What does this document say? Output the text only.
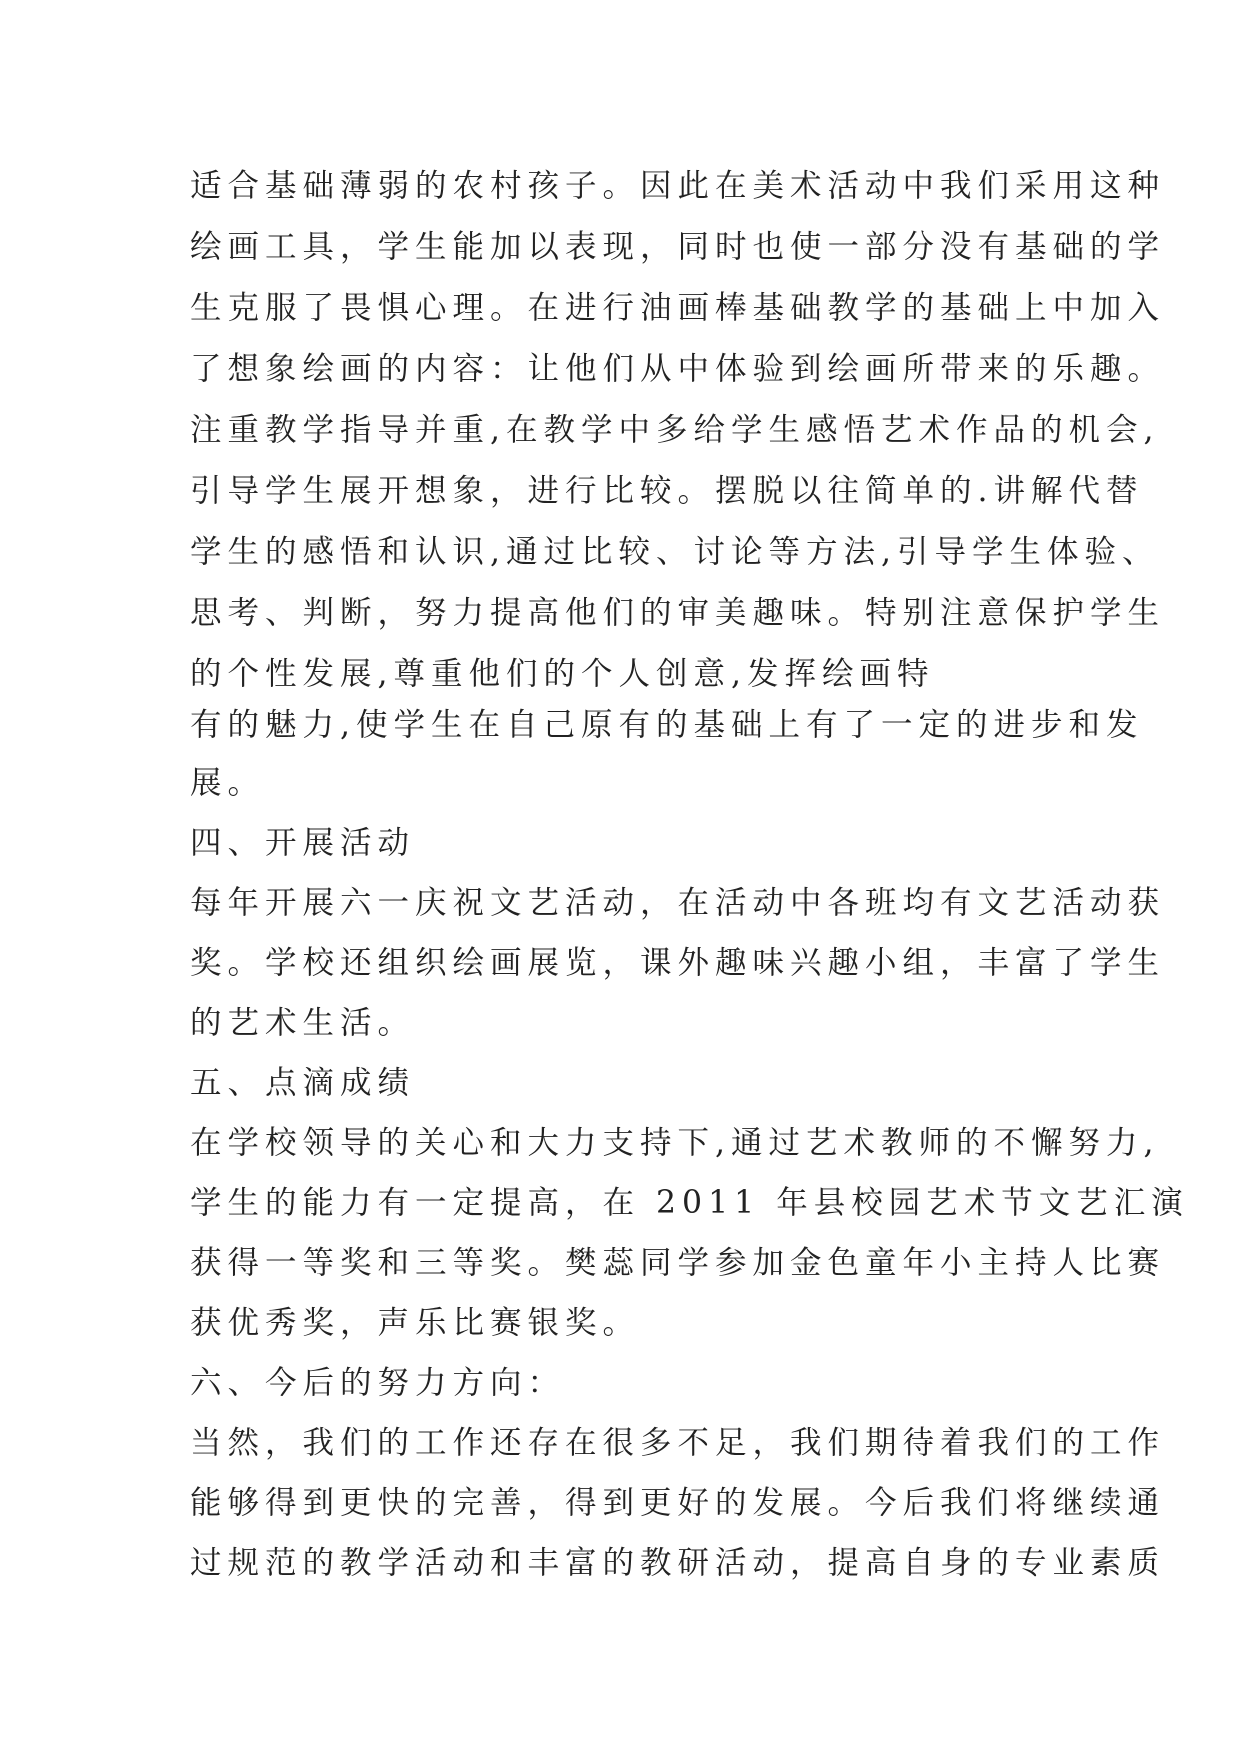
适合基础薄弱的农村孩子。因此在美术活动中我们采用这种
绘画工具，学生能加以表现，同时也使一部分没有基础的学
生克服了畏惧心理。在进行油画棒基础教学的基础上中加入
了想象绘画的内容：让他们从中体验到绘画所带来的乐趣。
注重教学指导并重,在教学中多给学生感悟艺术作品的机会,
引导学生展开想象，进行比较。摆脱以往简单的.讲解代替
学生的感悟和认识,通过比较、讨论等方法,引导学生体验、
思考、判断，努力提高他们的审美趣味。特别注意保护学生
的个性发展,尊重他们的个人创意,发挥绘画特
有的魅力,使学生在自己原有的基础上有了一定的进步和发
展。
四、开展活动
每年开展六一庆祝文艺活动，在活动中各班均有文艺活动获
奖。学校还组织绘画展览，课外趣味兴趣小组，丰富了学生
的艺术生活。
五、点滴成绩
在学校领导的关心和大力支持下,通过艺术教师的不懈努力,
学生的能力有一定提高，在 2011 年县校园艺术节文艺汇演
获得一等奖和三等奖。樊蕊同学参加金色童年小主持人比赛
获优秀奖，声乐比赛银奖。
六、今后的努力方向：
当然，我们的工作还存在很多不足，我们期待着我们的工作
能够得到更快的完善，得到更好的发展。今后我们将继续通
过规范的教学活动和丰富的教研活动，提高自身的专业素质
